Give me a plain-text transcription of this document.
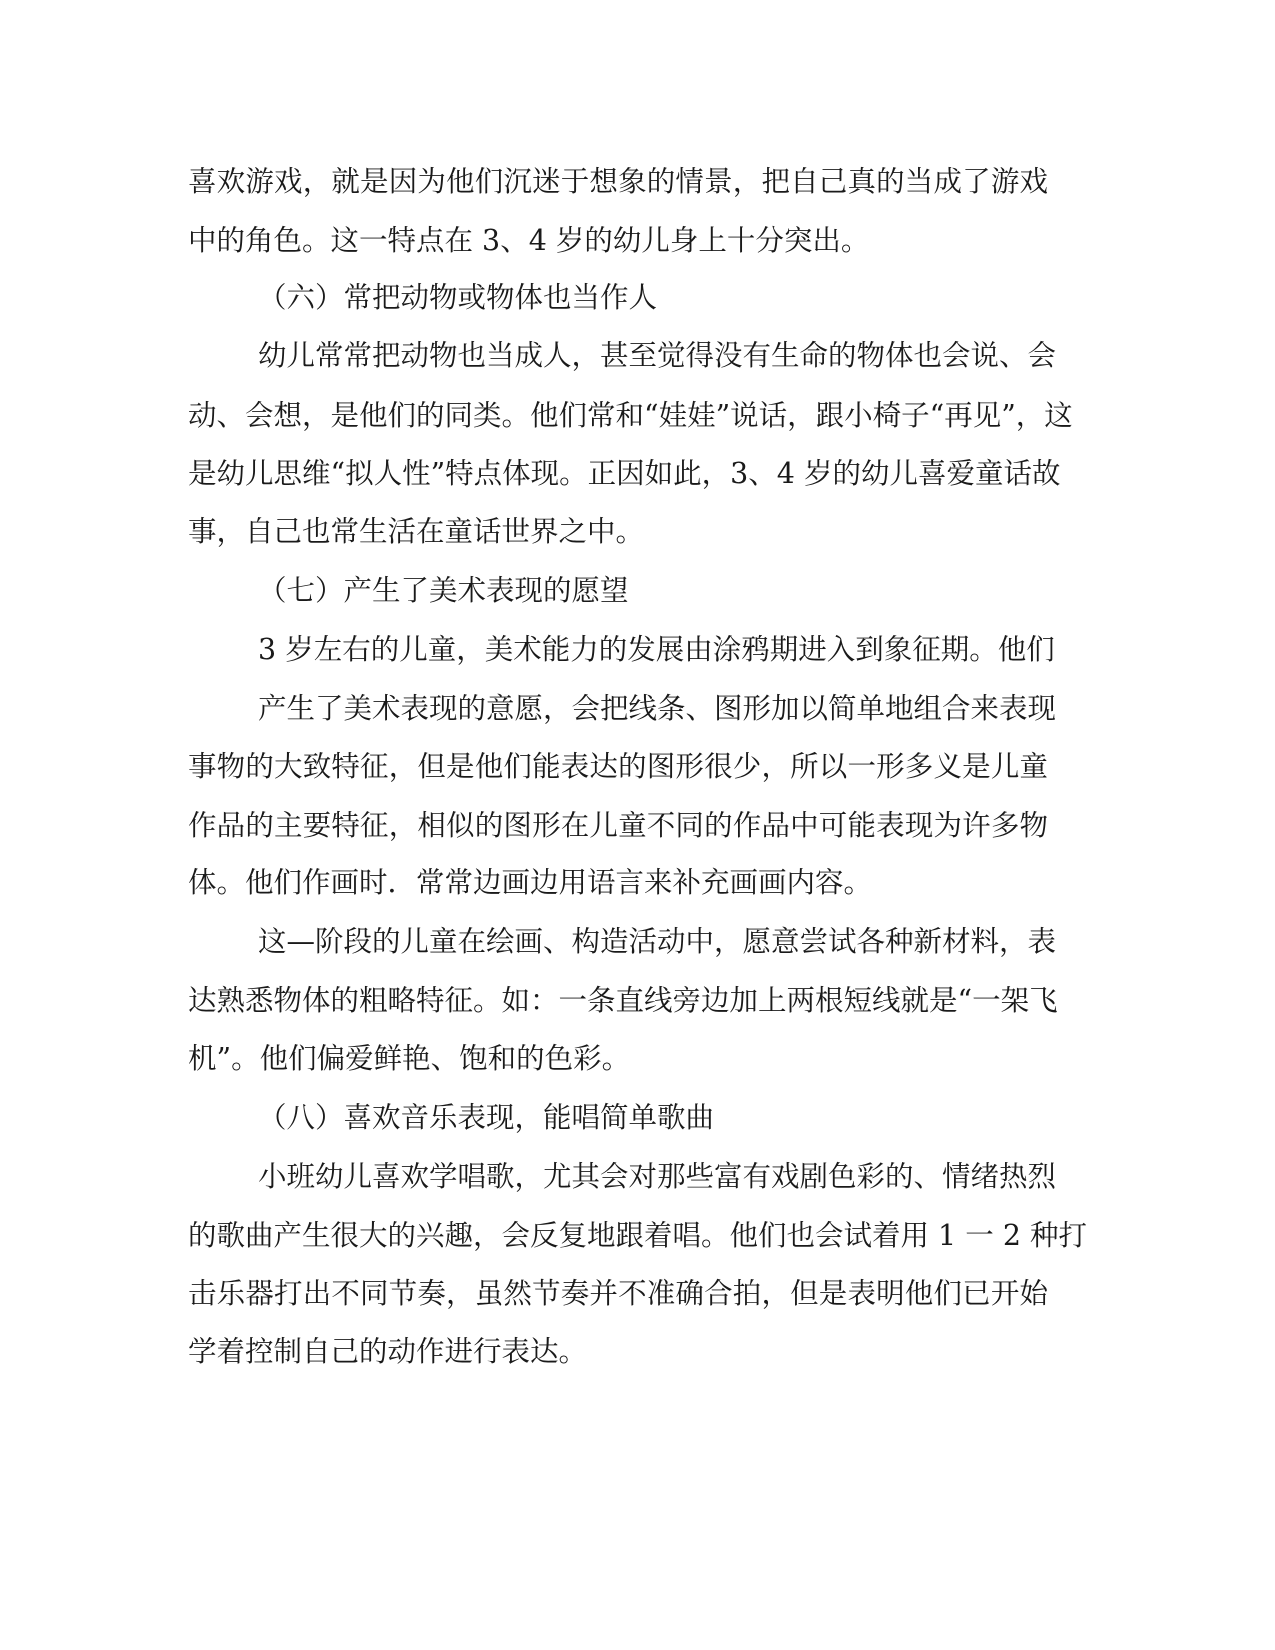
喜欢游戏，就是因为他们沉迷于想象的情景，把自己真的当成了游戏
中的角色。这一特点在 3、4 岁的幼儿身上十分突出。
（六）常把动物或物体也当作人
幼儿常常把动物也当成人，甚至觉得没有生命的物体也会说、会
动、会想，是他们的同类。他们常和“娃娃”说话，跟小椅子“再见”，这
是幼儿思维“拟人性”特点体现。正因如此，3、4 岁的幼儿喜爱童话故
事，自己也常生活在童话世界之中。
（七）产生了美术表现的愿望
3 岁左右的儿童，美术能力的发展由涂鸦期进入到象征期。他们
产生了美术表现的意愿，会把线条、图形加以简单地组合来表现
事物的大致特征，但是他们能表达的图形很少，所以一形多义是儿童
作品的主要特征，相似的图形在儿童不同的作品中可能表现为许多物
体。他们作画时．常常边画边用语言来补充画画内容。
这—阶段的儿童在绘画、构造活动中，愿意尝试各种新材料，表
达熟悉物体的粗略特征。如：一条直线旁边加上两根短线就是“一架飞
机”。他们偏爱鲜艳、饱和的色彩。
（八）喜欢音乐表现，能唱简单歌曲
小班幼儿喜欢学唱歌，尤其会对那些富有戏剧色彩的、情绪热烈
的歌曲产生很大的兴趣，会反复地跟着唱。他们也会试着用 1 一 2 种打
击乐器打出不同节奏，虽然节奏并不准确合拍，但是表明他们已开始
学着控制自己的动作进行表达。
